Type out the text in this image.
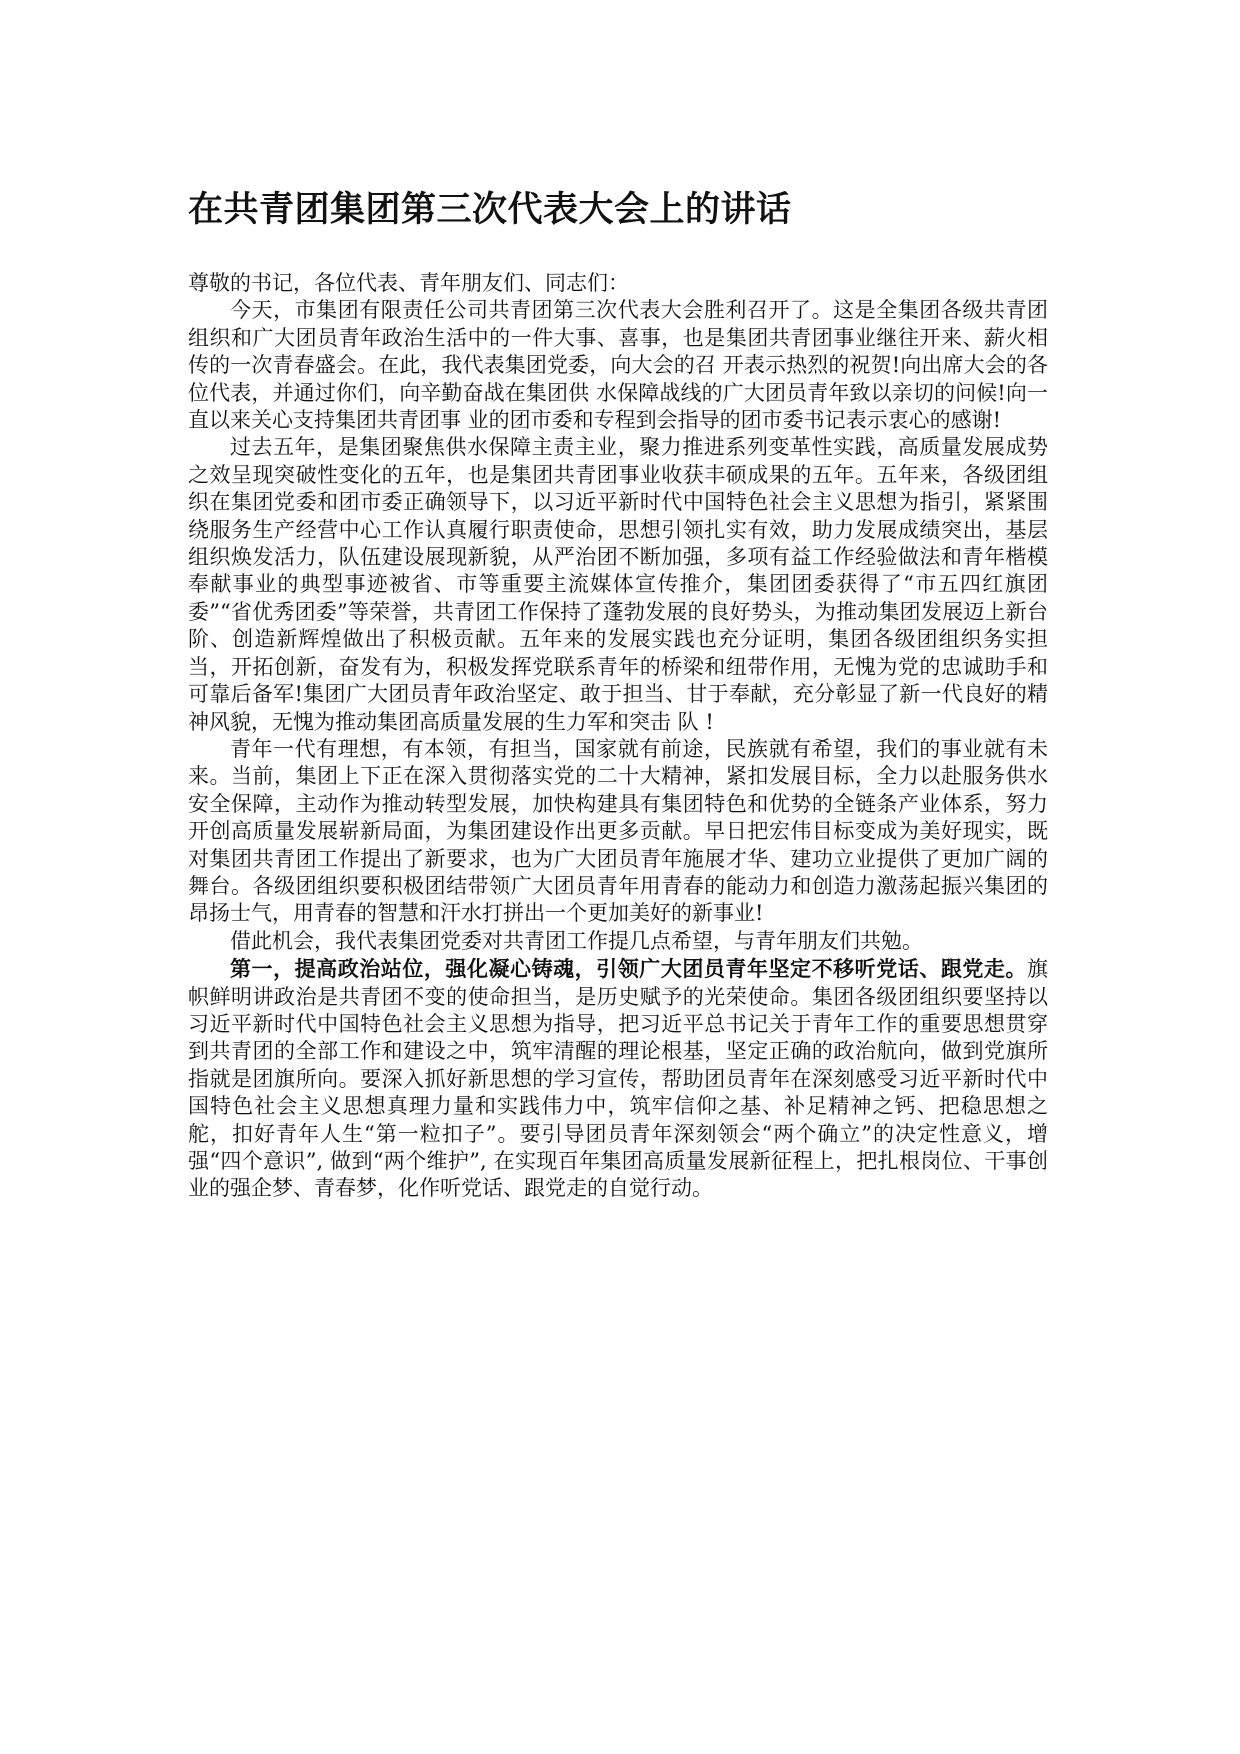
在共青团集团第三次代表大会上的讲话

尊敬的书记，各位代表、青年朋友们、同志们：

今天，市集团有限责任公司共青团第三次代表大会胜利召开了。这是全集团各级共青团组织和广大团员青年政治生活中的一件大事、喜事，也是集团共青团事业继往开来、薪火相传的一次青春盛会。在此，我代表集团党委，向大会的召 开表示热烈的祝贺!向出席大会的各位代表，并通过你们，向辛勤奋战在集团供 水保障战线的广大团员青年致以亲切的问候!向一直以来关心支持集团共青团事 业的团市委和专程到会指导的团市委书记表示衷心的感谢!

过去五年，是集团聚焦供水保障主责主业，聚力推进系列变革性实践，高质量发展成势之效呈现突破性变化的五年，也是集团共青团事业收获丰硕成果的五年。五年来，各级团组织在集团党委和团市委正确领导下，以习近平新时代中国特色社会主义思想为指引，紧紧围绕服务生产经营中心工作认真履行职责使命，思想引领扎实有效，助力发展成绩突出，基层组织焕发活力，队伍建设展现新貌，从严治团不断加强，多项有益工作经验做法和青年楷模奉献事业的典型事迹被省、市等重要主流媒体宣传推介，集团团委获得了“市五四红旗团委”“省优秀团委”等荣誉，共青团工作保持了蓬勃发展的良好势头，为推动集团发展迈上新台阶、创造新辉煌做出了积极贡献。五年来的发展实践也充分证明，集团各级团组织务实担当，开拓创新，奋发有为，积极发挥党联系青年的桥梁和纽带作用，无愧为党的忠诚助手和可靠后备军!集团广大团员青年政治坚定、敢于担当、甘于奉献，充分彰显了新一代良好的精神风貌，无愧为推动集团高质量发展的生力军和突击 队 !

青年一代有理想，有本领，有担当，国家就有前途，民族就有希望，我们的事业就有未来。当前，集团上下正在深入贯彻落实党的二十大精神，紧扣发展目标，全力以赴服务供水安全保障，主动作为推动转型发展，加快构建具有集团特色和优势的全链条产业体系，努力开创高质量发展崭新局面，为集团建设作出更多贡献。早日把宏伟目标变成为美好现实，既对集团共青团工作提出了新要求，也为广大团员青年施展才华、建功立业提供了更加广阔的舞台。各级团组织要积极团结带领广大团员青年用青春的能动力和创造力激荡起振兴集团的昂扬士气，用青春的智慧和汗水打拼出一个更加美好的新事业!

借此机会，我代表集团党委对共青团工作提几点希望，与青年朋友们共勉。

第一，提高政治站位，强化凝心铸魂，引领广大团员青年坚定不移听党话、跟党走。旗帜鲜明讲政治是共青团不变的使命担当，是历史赋予的光荣使命。集团各级团组织要坚持以习近平新时代中国特色社会主义思想为指导，把习近平总书记关于青年工作的重要思想贯穿到共青团的全部工作和建设之中，筑牢清醒的理论根基，坚定正确的政治航向，做到党旗所指就是团旗所向。要深入抓好新思想的学习宣传，帮助团员青年在深刻感受习近平新时代中国特色社会主义思想真理力量和实践伟力中，筑牢信仰之基、补足精神之钙、把稳思想之舵，扣好青年人生“第一粒扣子”。要引导团员青年深刻领会“两个确立”的决定性意义，增强“四个意识”, 做到“两个维护”, 在实现百年集团高质量发展新征程上，把扎根岗位、干事创业的强企梦、青春梦，化作听党话、跟党走的自觉行动。
